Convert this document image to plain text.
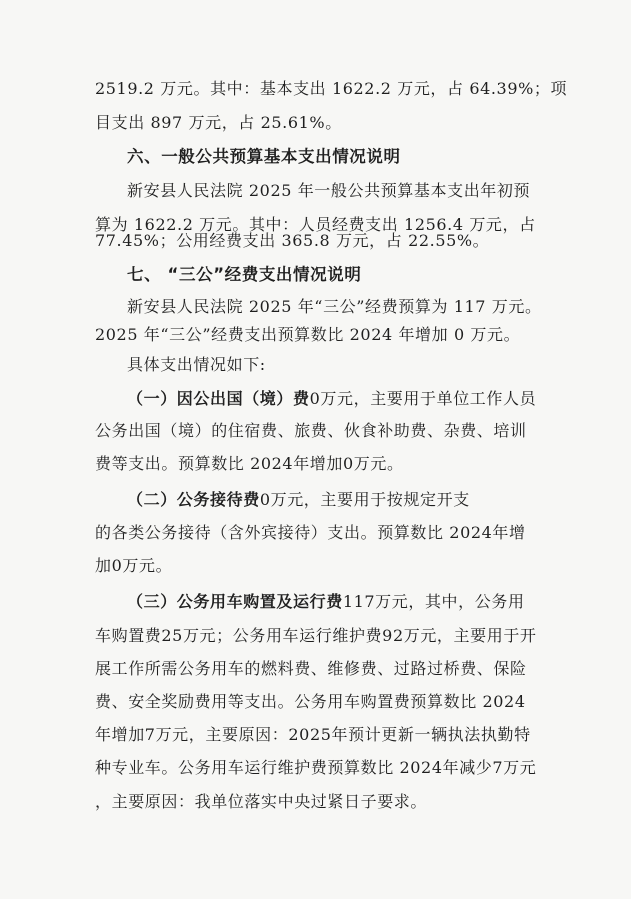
2519.2 万元。其中：基本支出 1622.2 万元，占 64.39%；项
目支出 897 万元，占 25.61%。
六、一般公共预算基本支出情况说明
新安县人民法院 2025 年一般公共预算基本支出年初预
算为 1622.2 万元。其中：人员经费支出 1256.4 万元，占
77.45%；公用经费支出 365.8 万元，占 22.55%。
七、 “三公”经费支出情况说明
新安县人民法院 2025 年“三公”经费预算为 117 万元。
2025 年“三公”经费支出预算数比 2024 年增加 0 万元。
具体支出情况如下:
（一）因公出国（境）费0万元，主要用于单位工作人员
公务出国（境）的住宿费、旅费、伙食补助费、杂费、培训
费等支出。预算数比 2024年增加0万元。
（二）公务接待费0万元，主要用于按规定开支
的各类公务接待（含外宾接待）支出。预算数比 2024年增
加0万元。
（三）公务用车购置及运行费117万元，其中，公务用
车购置费25万元；公务用车运行维护费92万元，主要用于开
展工作所需公务用车的燃料费、维修费、过路过桥费、保险
费、安全奖励费用等支出。公务用车购置费预算数比 2024
年增加7万元，主要原因：2025年预计更新一辆执法执勤特
种专业车。公务用车运行维护费预算数比 2024年减少7万元
，主要原因：我单位落实中央过紧日子要求。
